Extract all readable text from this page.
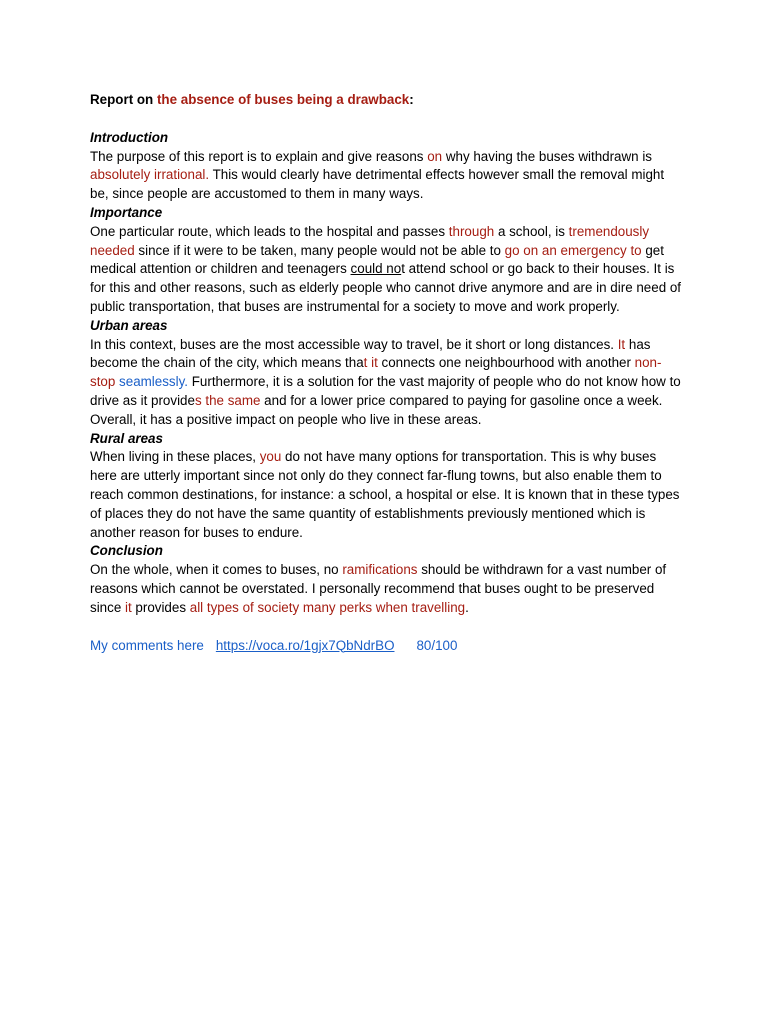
Report on the absence of buses being a drawback:

Introduction

The purpose of this report is to explain and give reasons on why having the buses withdrawn is absolutely irrational. This would clearly have detrimental effects however small the removal might be, since people are accustomed to them in many ways.

Importance

One particular route, which leads to the hospital and passes through a school, is tremendously needed since if it were to be taken, many people would not be able to go on an emergency to get medical attention or children and teenagers could not attend school or go back to their houses. It is for this and other reasons, such as elderly people who cannot drive anymore and are in dire need of public transportation, that buses are instrumental for a society to move and work properly.

Urban areas

In this context, buses are the most accessible way to travel, be it short or long distances. It has become the chain of the city, which means that it connects one neighbourhood with another non-stop seamlessly. Furthermore, it is a solution for the vast majority of people who do not know how to drive as it provides the same and for a lower price compared to paying for gasoline once a week. Overall, it has a positive impact on people who live in these areas.

Rural areas

When living in these places, you do not have many options for transportation. This is why buses here are utterly important since not only do they connect far-flung towns, but also enable them to reach common destinations, for instance: a school, a hospital or else. It is known that in these types of places they do not have the same quantity of establishments previously mentioned which is another reason for buses to endure.

Conclusion

On the whole, when it comes to buses, no ramifications should be withdrawn for a vast number of reasons which cannot be overstated. I personally recommend that buses ought to be preserved since it provides all types of society many perks when travelling.

My comments here https://voca.ro/1gjx7QbNdrBO 80/100
